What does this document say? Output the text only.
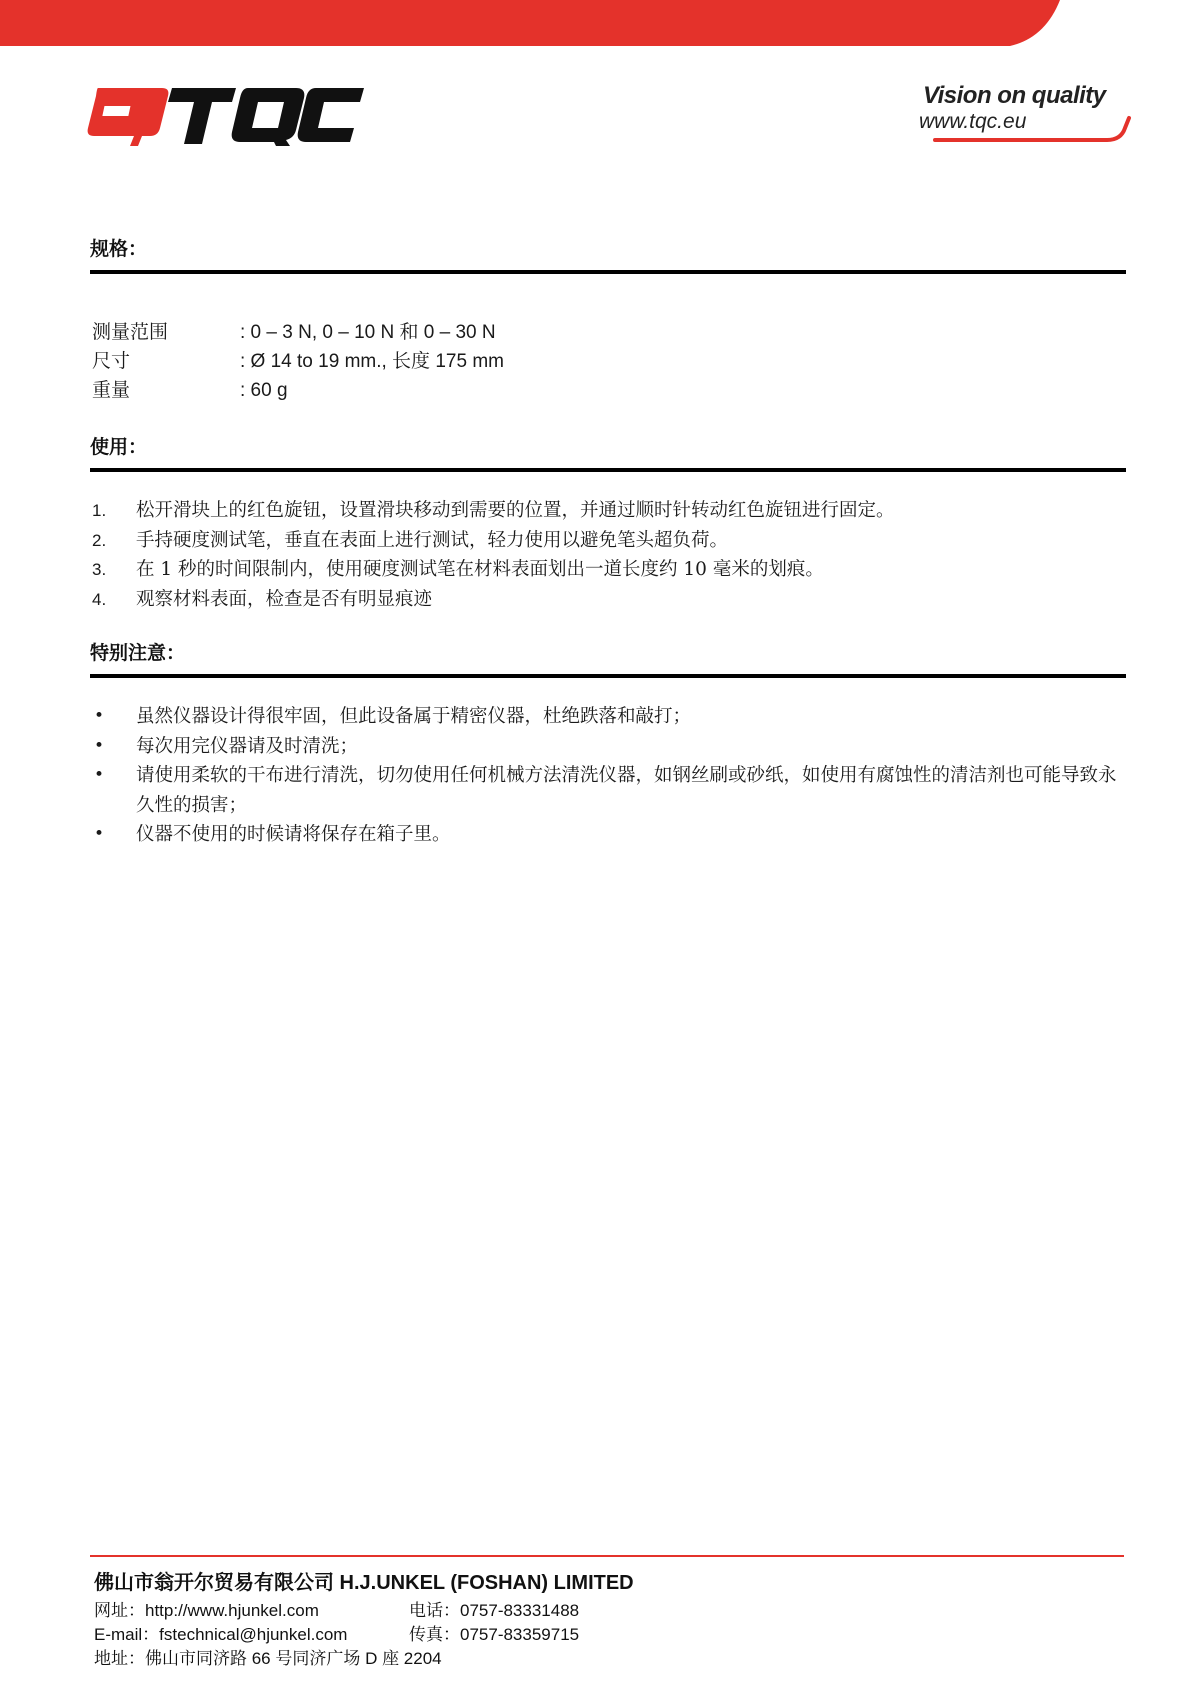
Vision on quality
www.tqc.eu
规格：
测量范围	: 0 – 3 N, 0 – 10 N 和 0 – 30 N
尺寸	: Ø 14 to 19 mm., 长度 175 mm
重量	: 60 g
使用：
1. 松开滑块上的红色旋钮，设置滑块移动到需要的位置，并通过顺时针转动红色旋钮进行固定。
2. 手持硬度测试笔，垂直在表面上进行测试，轻力使用以避免笔头超负荷。
3. 在 1 秒的时间限制内，使用硬度测试笔在材料表面划出一道长度约 10 毫米的划痕。
4. 观察材料表面，检查是否有明显痕迹
特别注意：
• 虽然仪器设计得很牢固，但此设备属于精密仪器，杜绝跌落和敲打；
• 每次用完仪器请及时清洗；
• 请使用柔软的干布进行清洗，切勿使用任何机械方法清洗仪器，如钢丝刷或砂纸，如使用有腐蚀性的清洁剂也可能导致永久性的损害；
• 仪器不使用的时候请将保存在箱子里。
佛山市翁开尔贸易有限公司 H.J.UNKEL (FOSHAN) LIMITED
网址：http://www.hjunkel.com	电话：0757-83331488
E-mail：fstechnical@hjunkel.com	传真：0757-83359715
地址：佛山市同济路 66 号同济广场 D 座 2204
